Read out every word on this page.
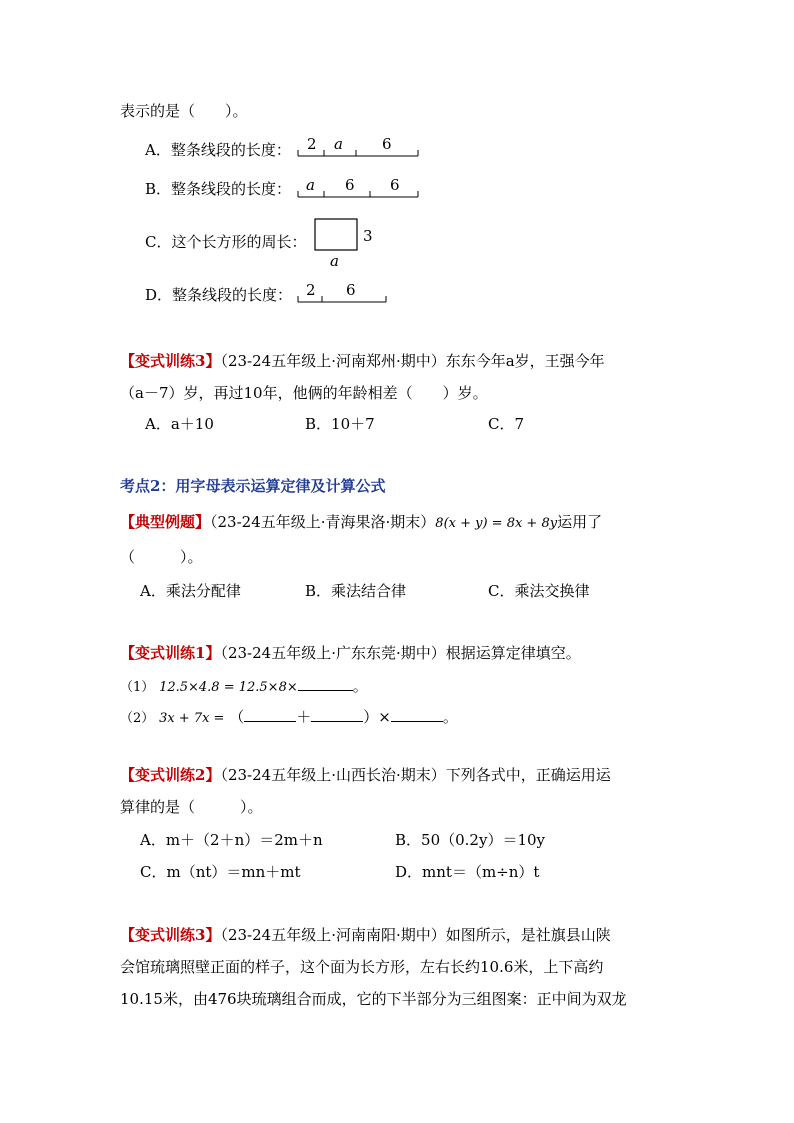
表示的是（　　）。
A．整条线段的长度： 2 a	6
B．整条线段的长度： a 6 6
C．这个长方形的周长：	3
a
D．整条线段的长度： 2 6
【变式训练3】（23-24五年级上·河南郑州·期中）东东今年a岁，王强今年
（a－7）岁，再过10年，他俩的年龄相差（　　）岁。
A．a＋10	B．10＋7	C．7
考点2：用字母表示运算定律及计算公式
【典型例题】（23-24五年级上·青海果洛·期末）8(x + y) = 8x + 8y运用了
（　　　）。
A．乘法分配律	B．乘法结合律	C．乘法交换律
【变式训练1】（23-24五年级上·广东东莞·期中）根据运算定律填空。
（1） 12.5×4.8 = 12.5×8×	。
（2） 3x + 7x = （	＋	）×	。
【变式训练2】（23-24五年级上·山西长治·期末）下列各式中，正确运用运
算律的是（　　　）。
A．m＋（2＋n）＝2m＋n	B．50（0.2y）＝10y
C．m（nt）＝mn＋mt	D．mnt＝（m÷n）t
【变式训练3】（23-24五年级上·河南南阳·期中）如图所示，是社旗县山陕
会馆琉璃照壁正面的样子，这个面为长方形，左右长约10.6米，上下高约
10.15米，由476块琉璃组合而成，它的下半部分为三组图案：正中间为双龙
